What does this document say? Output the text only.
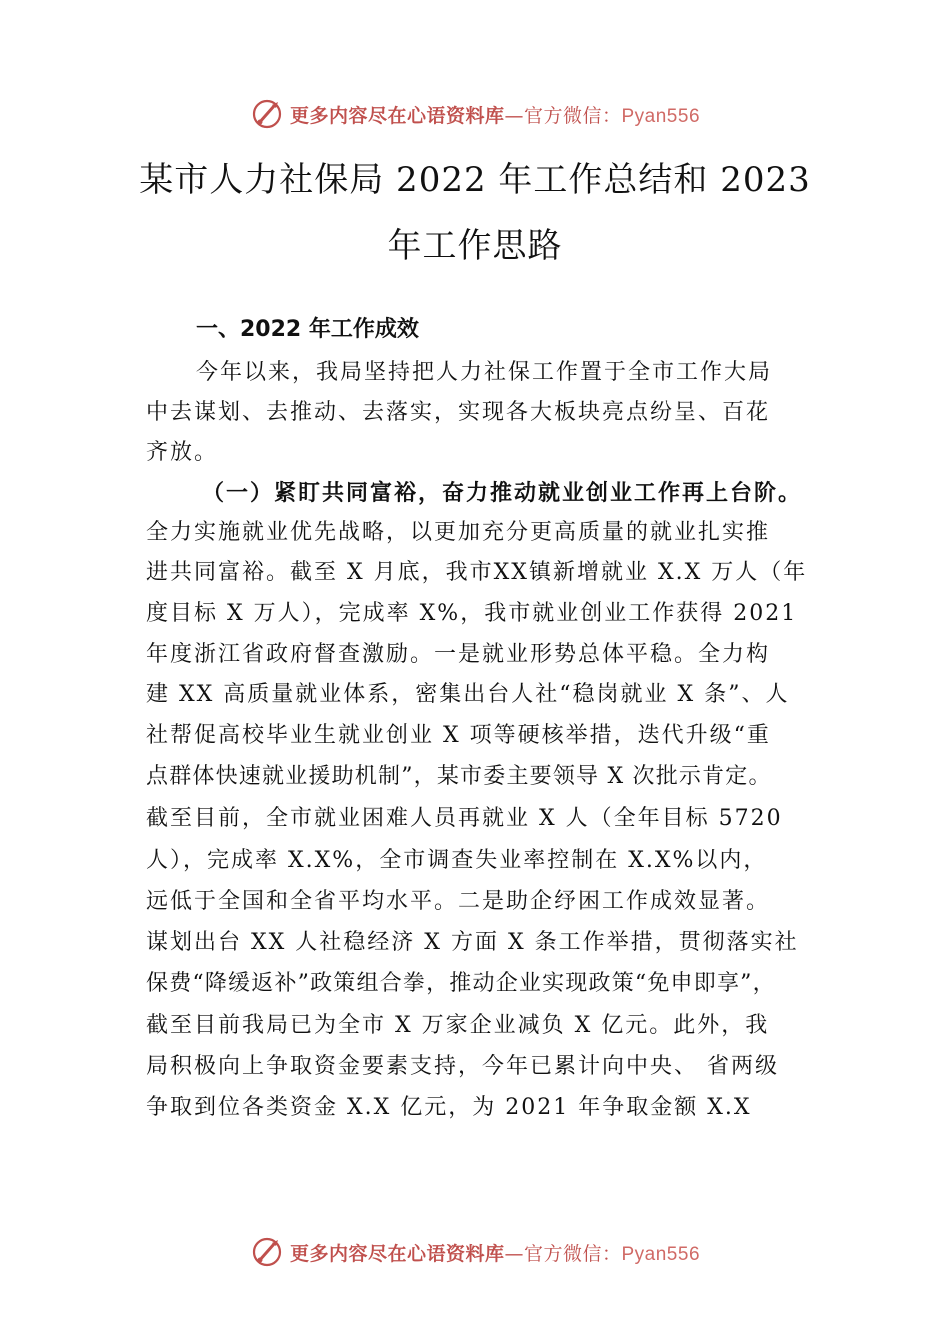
更多内容尽在心语资料库—官方微信：Pyan556
某市人力社保局 2022 年工作总结和 2023
年工作思路
一、2022 年工作成效
今年以来，我局坚持把人力社保工作置于全市工作大局
中去谋划、去推动、去落实，实现各大板块亮点纷呈、百花
齐放。
（一）紧盯共同富裕，奋力推动就业创业工作再上台阶。
全力实施就业优先战略，以更加充分更高质量的就业扎实推
进共同富裕。截至 X 月底，我市XX镇新增就业 X.X 万人（年
度目标 X 万人），完成率 X%，我市就业创业工作获得 2021
年度浙江省政府督查激励。一是就业形势总体平稳。全力构
建 XX 高质量就业体系，密集出台人社“稳岗就业 X 条”、人
社帮促高校毕业生就业创业 X 项等硬核举措，迭代升级“重
点群体快速就业援助机制”，某市委主要领导 X 次批示肯定。
截至目前，全市就业困难人员再就业 X 人（全年目标 5720
人），完成率 X.X%，全市调查失业率控制在 X.X%以内，
远低于全国和全省平均水平。二是助企纾困工作成效显著。
谋划出台 XX 人社稳经济 X 方面 X 条工作举措，贯彻落实社
保费“降缓返补”政策组合拳，推动企业实现政策“免申即享”，
截至目前我局已为全市 X 万家企业减负 X 亿元。此外，我
局积极向上争取资金要素支持，今年已累计向中央、 省两级
争取到位各类资金 X.X 亿元，为 2021 年争取金额 X.X
更多内容尽在心语资料库—官方微信：Pyan556
